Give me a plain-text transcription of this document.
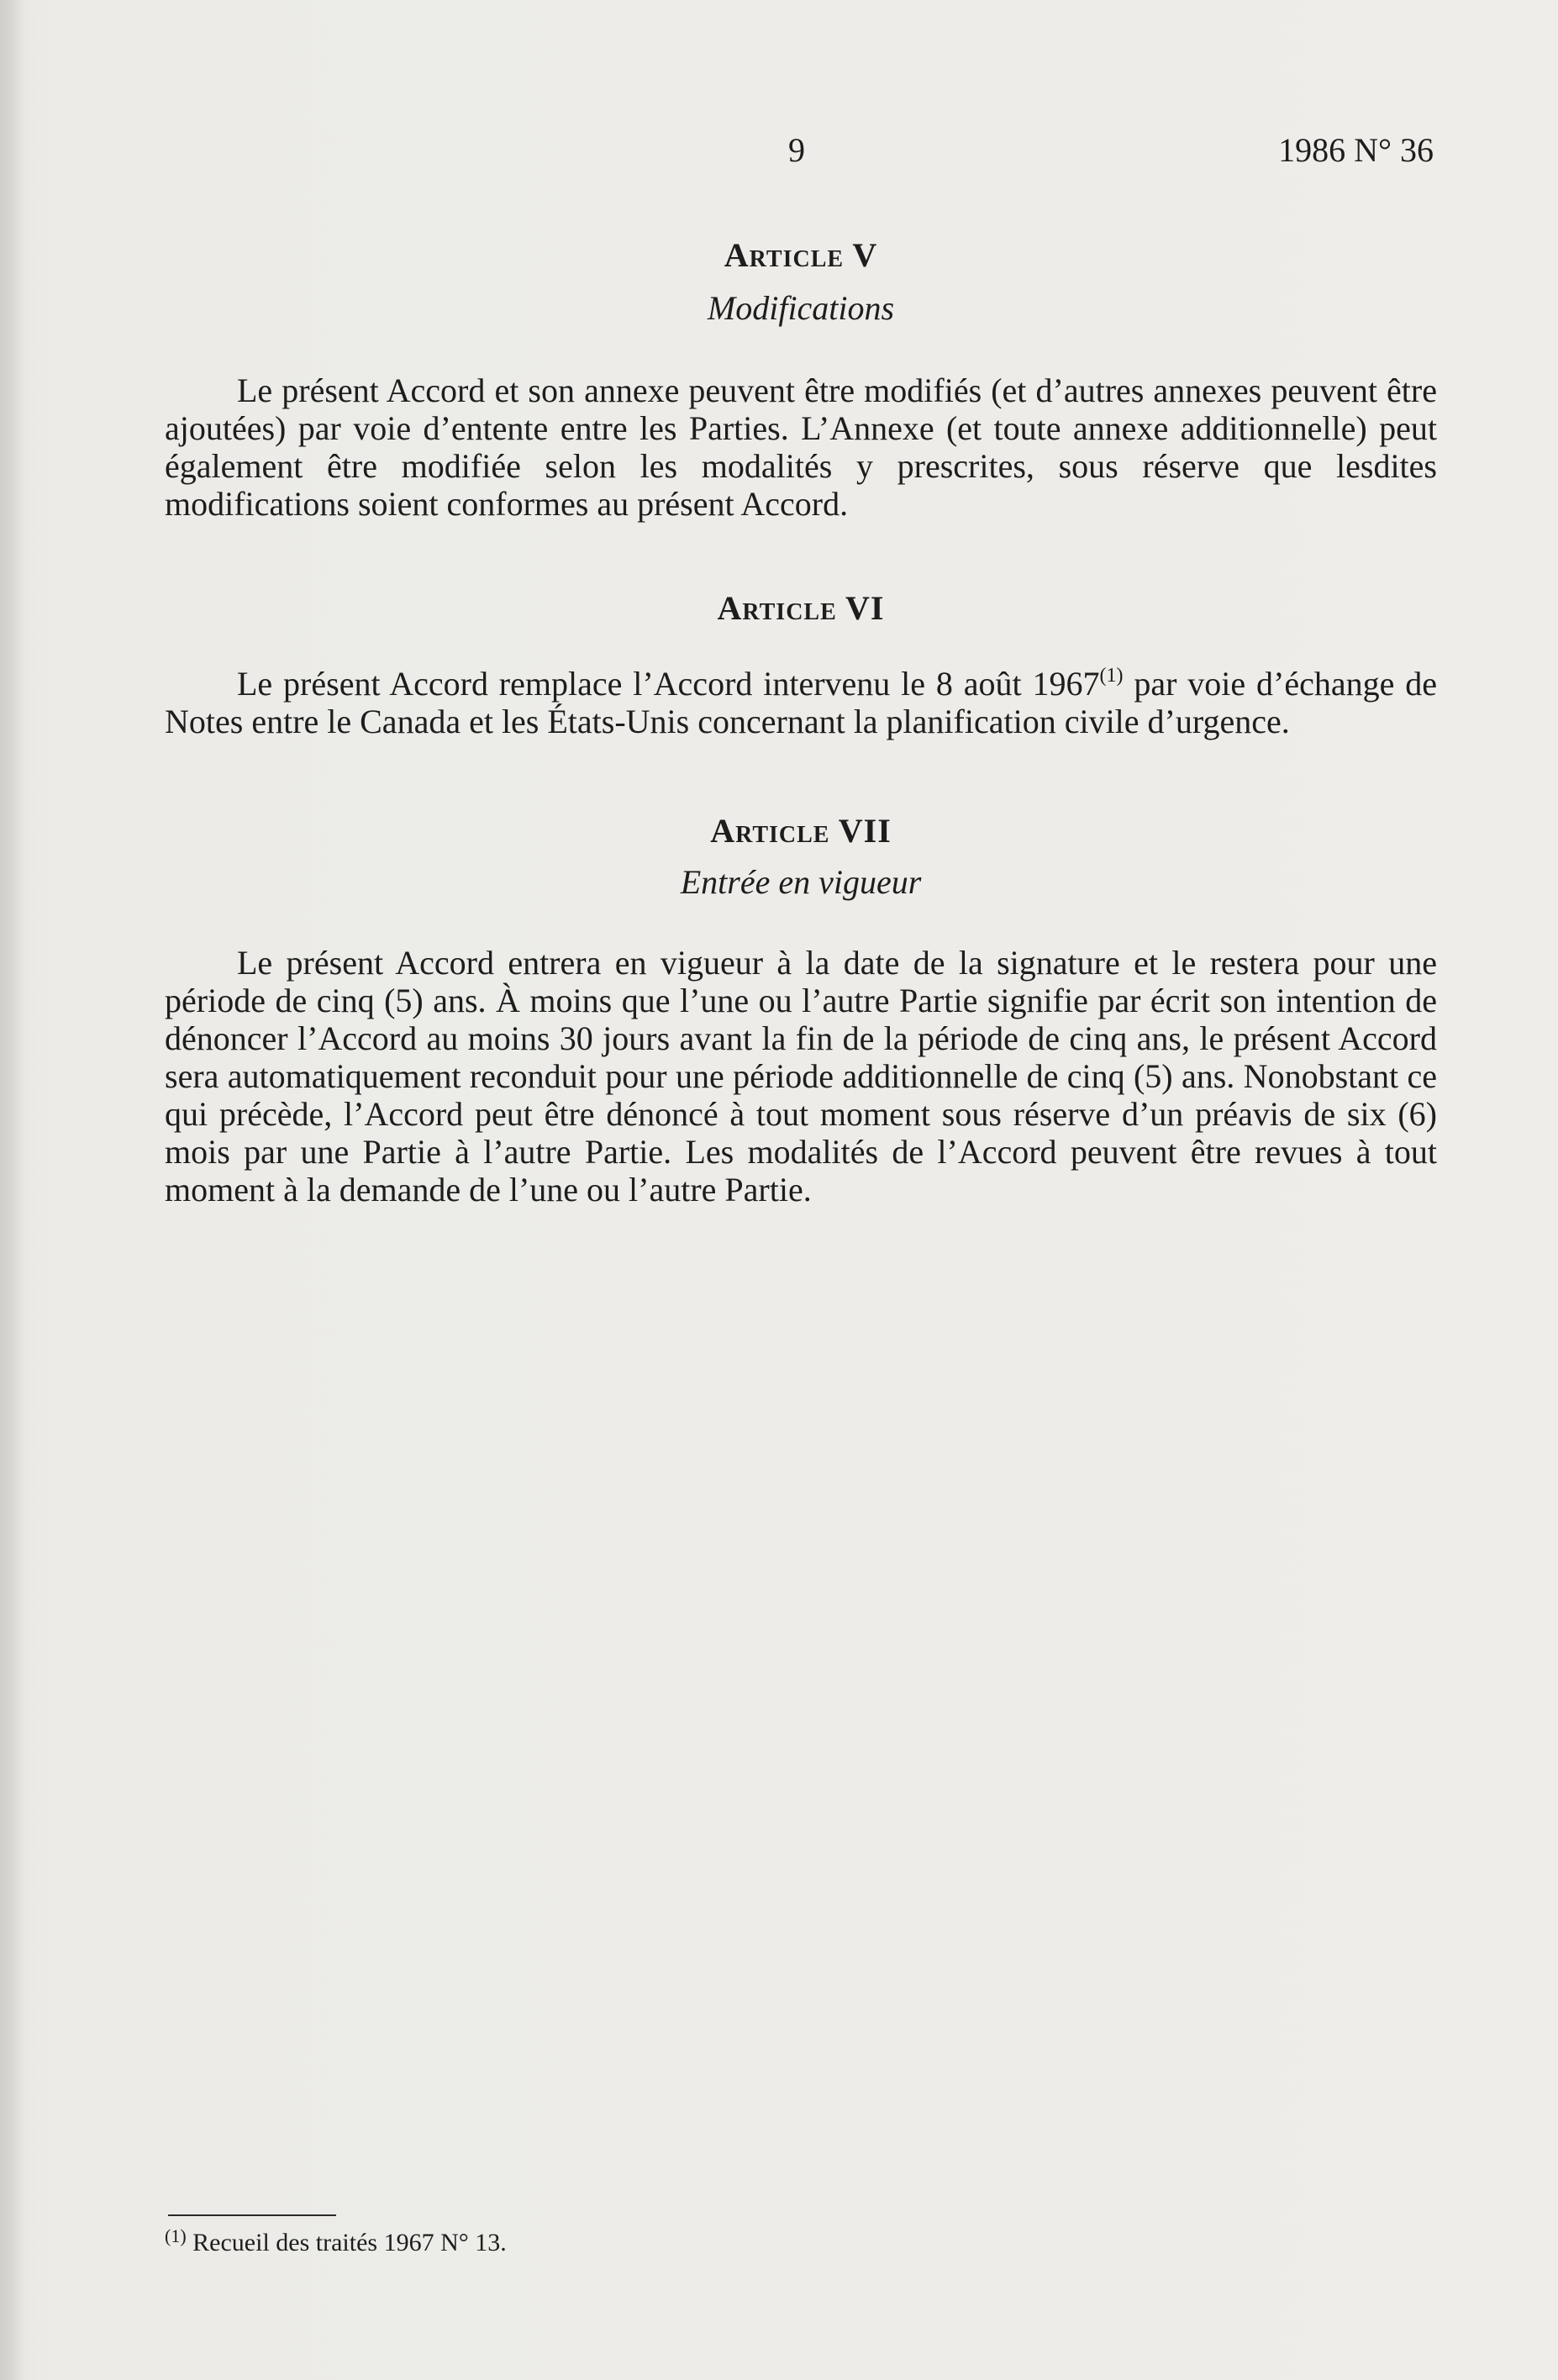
9	1986 N° 36
Article V

Modifications

Le présent Accord et son annexe peuvent être modifiés (et d’autres annexes peuvent être ajoutées) par voie d’entente entre les Parties. L’Annexe (et toute annexe additionnelle) peut également être modifiée selon les modalités y prescrites, sous réserve que lesdites modifications soient conformes au présent Accord.

Article VI

Le présent Accord remplace l’Accord intervenu le 8 août 1967$^{(1)}$ par voie d’échange de Notes entre le Canada et les États-Unis concernant la planification civile d’urgence.

Article VII

Entrée en vigueur

Le présent Accord entrera en vigueur à la date de la signature et le restera pour une période de cinq (5) ans. À moins que l’une ou l’autre Partie signifie par écrit son intention de dénoncer l’Accord au moins 30 jours avant la fin de la période de cinq ans, le présent Accord sera automatiquement reconduit pour une période additionnelle de cinq (5) ans. Nonobstant ce qui précède, l’Accord peut être dénoncé à tout moment sous réserve d’un préavis de six (6) mois par une Partie à l’autre Partie. Les modalités de l’Accord peuvent être revues à tout moment à la demande de l’une ou l’autre Partie.

$^{(1)}$ Recueil des traités 1967 N° 13.
